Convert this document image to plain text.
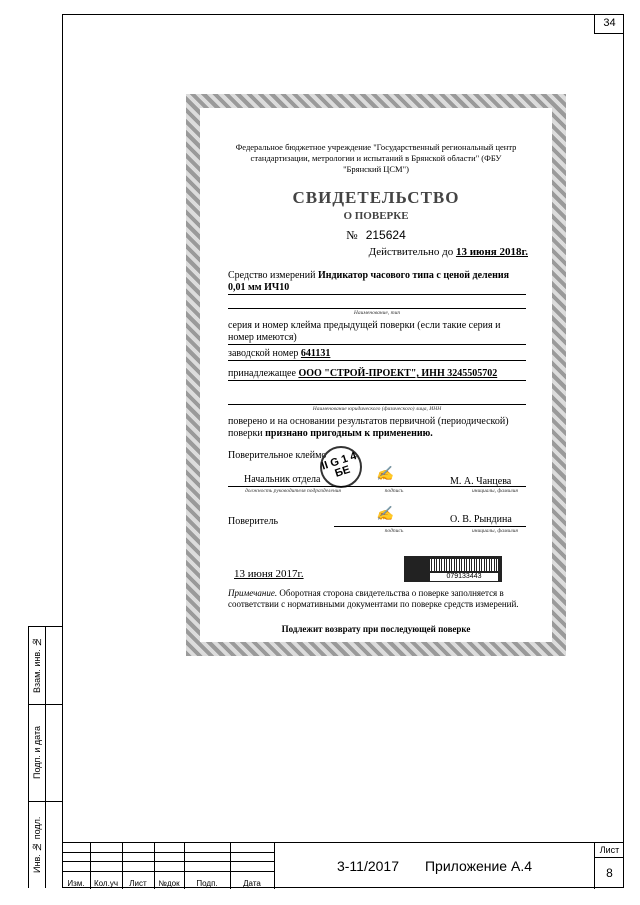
34
Взам. инв. №
Подп. и дата
Инв. № подл.
Федеральное бюджетное учреждение "Государственный региональный центр стандартизации, метрологии и испытаний в Брянской области" (ФБУ "Брянский ЦСМ")
СВИДЕТЕЛЬСТВО
О ПОВЕРКЕ
№ 215624
Действительно до 13 июня 2018г.
Средство измерений Индикатор часового типа с ценой деления 0,01 мм ИЧ10
Наименование, тип
серия и номер клейма предыдущей поверки (если такие серия и номер имеются)
заводской номер 641131
принадлежащее ООО "СТРОЙ-ПРОЕКТ", ИНН 3245505702
Наименование юридического (физического) лица, ИНН
поверено и на основании результатов первичной (периодической) поверки признано пригодным к применению.
Поверительное клеймо
II G 1 4 БЕ
Начальник отдела	✍	М. А. Чанцева
должность руководителя подразделения	подпись	инициалы, фамилия
Поверитель	✍	О. В. Рындина
подпись	инициалы, фамилия
13 июня 2017г.	079133443
Примечание. Оборотная сторона свидетельства о поверке заполняется в соответствии с нормативными документами по поверке средств измерений.
Подлежит возврату при последующей поверке
Изм.	Кол.уч	Лист	№док	Подп.	Дата
3-11/2017 Приложение А.4
Лист
8
